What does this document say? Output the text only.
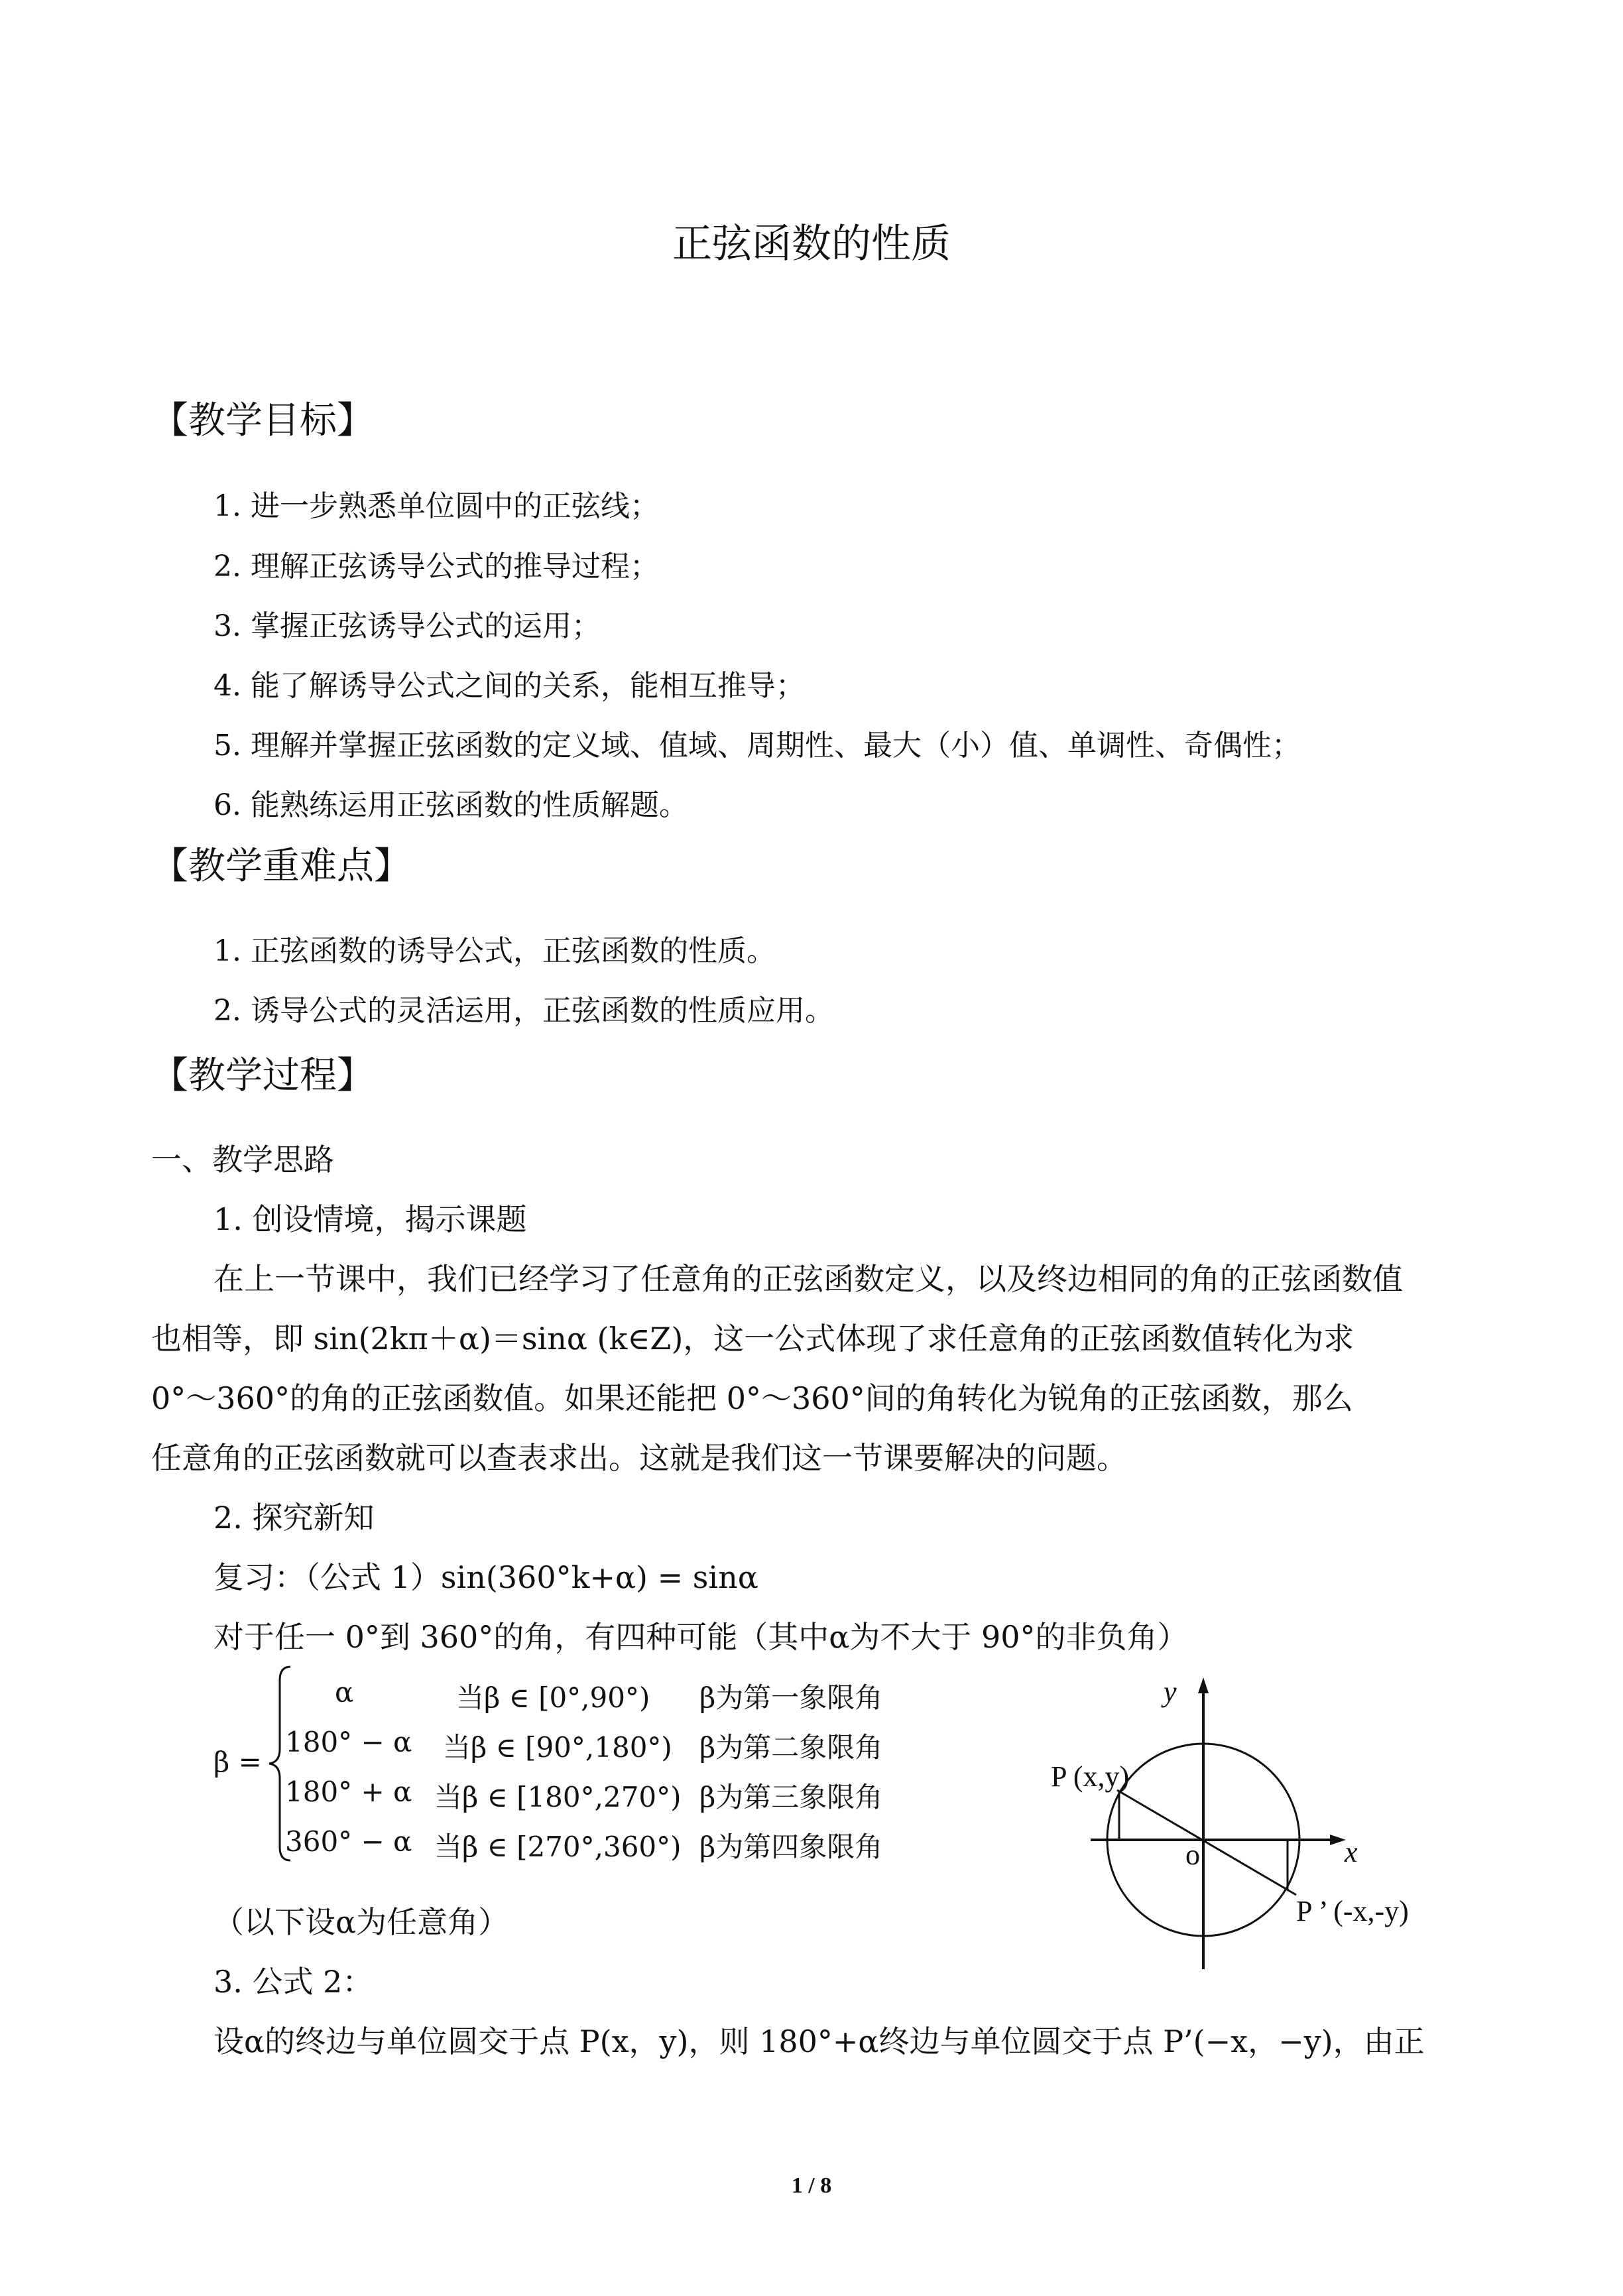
正弦函数的性质
【教学目标】
1. 进一步熟悉单位圆中的正弦线；
2. 理解正弦诱导公式的推导过程；
3. 掌握正弦诱导公式的运用；
4. 能了解诱导公式之间的关系，能相互推导；
5. 理解并掌握正弦函数的定义域、值域、周期性、最大（小）值、单调性、奇偶性；
6. 能熟练运用正弦函数的性质解题。
【教学重难点】
1. 正弦函数的诱导公式，正弦函数的性质。
2. 诱导公式的灵活运用，正弦函数的性质应用。
【教学过程】
一、教学思路
1. 创设情境，揭示课题
在上一节课中，我们已经学习了任意角的正弦函数定义，以及终边相同的角的正弦函数值
也相等，即 sin(2kπ＋α)＝sinα (k∈Z)，这一公式体现了求任意角的正弦函数值转化为求
0°～360°的角的正弦函数值。如果还能把 0°～360°间的角转化为锐角的正弦函数，那么
任意角的正弦函数就可以查表求出。这就是我们这一节课要解决的问题。
2. 探究新知
复习：（公式 1）sin(360°k+α) = sinα
对于任一 0°到 360°的角，有四种可能（其中α为不大于 90°的非负角）
β =
α	当β ∈ [0°,90°) β为第一象限角
180° − α 当β ∈ [90°,180°) β为第二象限角
180° + α 当β ∈ [180°,270°) β为第三象限角
360° − α 当β ∈ [270°,360°) β为第四象限角
y
x
o
P (x,y)
P ’ (-x,-y)
（以下设α为任意角）
3. 公式 2：
设α的终边与单位圆交于点 P(x，y)，则 180°+α终边与单位圆交于点 P’(−x，−y)，由正
1 / 8
